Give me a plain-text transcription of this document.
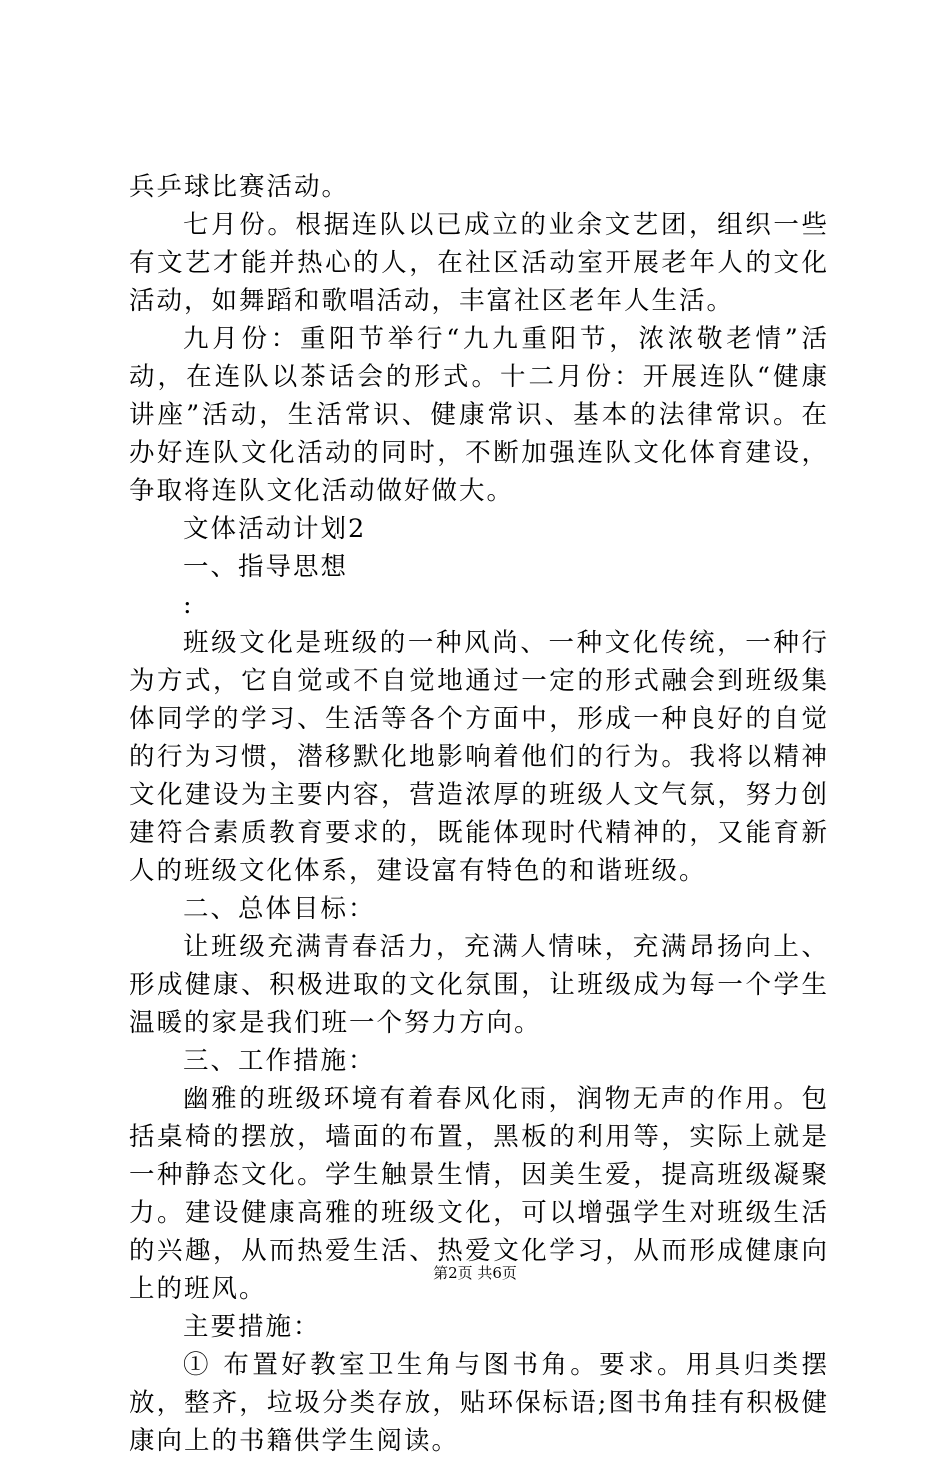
兵乒球比赛活动。

七月份。根据连队以已成立的业余文艺团，组织一些有文艺才能并热心的人，在社区活动室开展老年人的文化活动，如舞蹈和歌唱活动，丰富社区老年人生活。

九月份：重阳节举行“九九重阳节，浓浓敬老情”活动，在连队以茶话会的形式。十二月份：开展连队“健康讲座”活动，生活常识、健康常识、基本的法律常识。在办好连队文化活动的同时，不断加强连队文化体育建设，争取将连队文化活动做好做大。

文体活动计划2

一、指导思想

:

班级文化是班级的一种风尚、一种文化传统，一种行为方式，它自觉或不自觉地通过一定的形式融会到班级集体同学的学习、生活等各个方面中，形成一种良好的自觉的行为习惯，潜移默化地影响着他们的行为。我将以精神文化建设为主要内容，营造浓厚的班级人文气氛，努力创建符合素质教育要求的，既能体现时代精神的，又能育新人的班级文化体系，建设富有特色的和谐班级。

二、总体目标：

让班级充满青春活力，充满人情味，充满昂扬向上、形成健康、积极进取的文化氛围，让班级成为每一个学生温暖的家是我们班一个努力方向。

三、工作措施：

幽雅的班级环境有着春风化雨，润物无声的作用。包括桌椅的摆放，墙面的布置，黑板的利用等，实际上就是一种静态文化。学生触景生情，因美生爱，提高班级凝聚力。建设健康高雅的班级文化，可以增强学生对班级生活的兴趣，从而热爱生活、热爱文化学习，从而形成健康向上的班风。

主要措施：

① 布置好教室卫生角与图书角。要求。用具归类摆放，整齐，垃圾分类存放，贴环保标语;图书角挂有积极健康向上的书籍供学生阅读。

第2页 共6页
